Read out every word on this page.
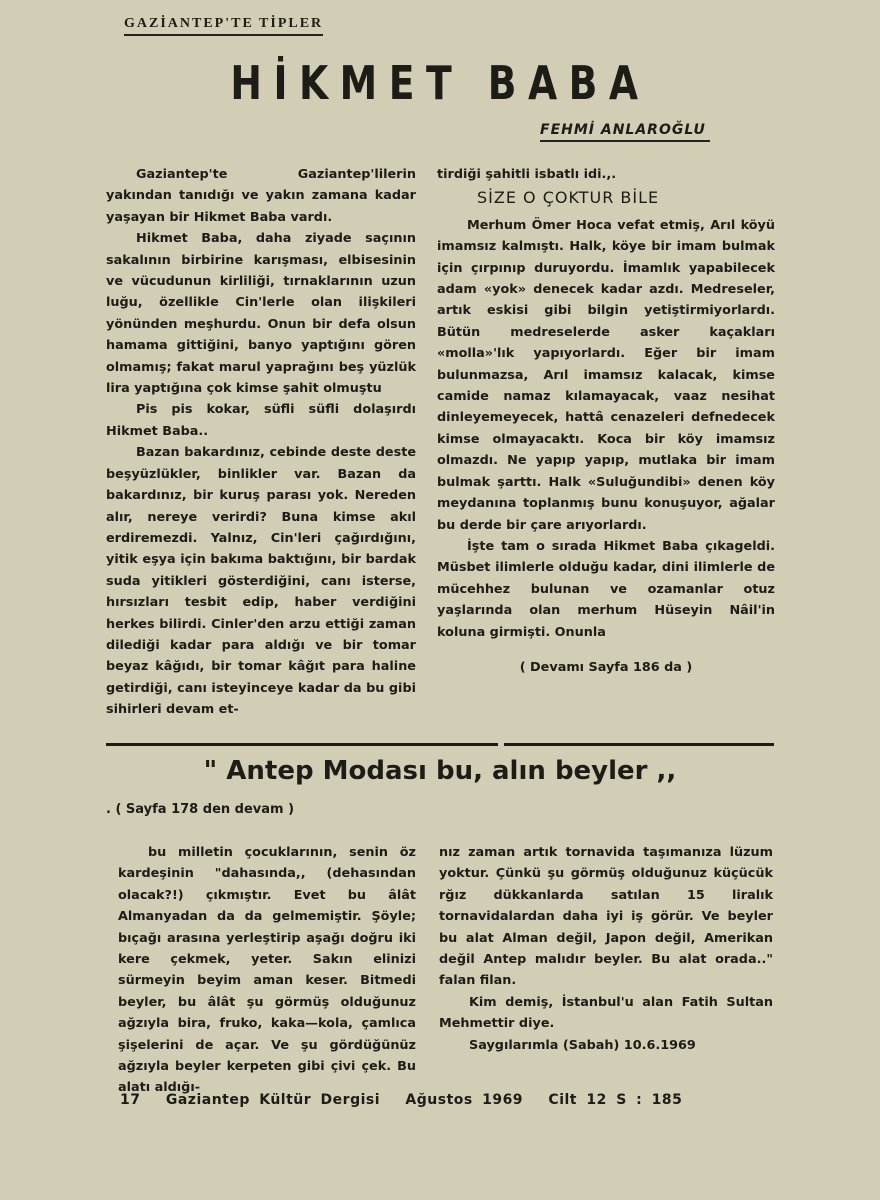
GAZİANTEP'TE TİPLER
HİKMET BABA
FEHMİ ANLAROĞLU

Gaziantep'te Gaziantep'lilerin yakından tanıdığı ve yakın zamana kadar yaşayan bir Hikmet Baba vardı.

Hikmet Baba, daha ziyade saçının sakalının birbirine karışması, elbisesinin ve vücudunun kirliliği, tırnaklarının uzun luğu, özellikle Cin'lerle olan ilişkileri yönünden meşhurdu. Onun bir defa olsun hamama gittiğini, banyo yaptığını gören olmamış; fakat marul yaprağını beş yüzlük lira yaptığına çok kimse şahit olmuştu

Pis pis kokar, süfli süfli dolaşırdı Hikmet Baba..

Bazan bakardınız, cebinde deste deste beşyüzlükler, binlikler var. Bazan da bakardınız, bir kuruş parası yok. Nereden alır, nereye verirdi? Buna kimse akıl erdiremezdi. Yalnız, Cin'leri çağırdığını, yitik eşya için bakıma baktığını, bir bardak suda yitikleri gösterdiğini, canı isterse, hırsızları tesbit edip, haber verdiğini herkes bilirdi. Cinler'den arzu ettiği zaman dilediği kadar para aldığı ve bir tomar beyaz kâğıdı, bir tomar kâğıt para haline getirdiği, canı isteyinceye kadar da bu gibi sihirleri devam et-

tirdiği şahitli isbatlı idi.,.

SİZE O ÇOKTUR BİLE

Merhum Ömer Hoca vefat etmiş, Arıl köyü imamsız kalmıştı. Halk, köye bir imam bulmak için çırpınıp duruyordu. İmamlık yapabilecek adam «yok» denecek kadar azdı. Medreseler, artık eskisi gibi bilgin yetiştirmiyorlardı. Bütün medreselerde asker kaçakları «molla»'lık yapıyorlardı. Eğer bir imam bulunmazsa, Arıl imamsız kalacak, kimse camide namaz kılamayacak, vaaz nesihat dinleyemeyecek, hattâ cenazeleri defnedecek kimse olmayacaktı. Koca bir köy imamsız olmazdı. Ne yapıp yapıp, mutlaka bir imam bulmak şarttı. Halk «Suluğundibi» denen köy meydanına toplanmış bunu konuşuyor, ağalar bu derde bir çare arıyorlardı.

İşte tam o sırada Hikmet Baba çıkageldi. Müsbet ilimlerle olduğu kadar, dini ilimlerle de mücehhez bulunan ve ozamanlar otuz yaşlarında olan merhum Hüseyin Nâil'in koluna girmişti. Onunla

( Devamı Sayfa 186 da )

" Antep Modası bu, alın beyler ,,
. ( Sayfa 178 den devam )

bu milletin çocuklarının, senin öz kardeşinin "dahasında,, (dehasından olacak?!) çıkmıştır. Evet bu âlât Almanyadan da da gelmemiştir. Şöyle; bıçağı arasına yerleştirip aşağı doğru iki kere çekmek, yeter. Sakın elinizi sürmeyin beyim aman keser. Bitmedi beyler, bu âlât şu görmüş olduğunuz ağzıyla bira, fruko, kaka—kola, çamlıca şişelerini de açar. Ve şu gördüğünüz ağzıyla beyler kerpeten gibi çivi çek. Bu alatı aldığı-

nız zaman artık tornavida taşımanıza lüzum yoktur. Çünkü şu görmüş olduğunuz küçücük rğız dükkanlarda satılan 15 liralık tornavidalardan daha iyi iş görür. Ve beyler bu alat Alman değil, Japon değil, Amerikan değil Antep malıdır beyler. Bu alat orada.." falan filan.

Kim demiş, İstanbul'u alan Fatih Sultan Mehmettir diye.

Saygılarımla (Sabah) 10.6.1969

17 Gaziantep Kültür Dergisi Ağustos 1969 Cilt 12 S : 185
